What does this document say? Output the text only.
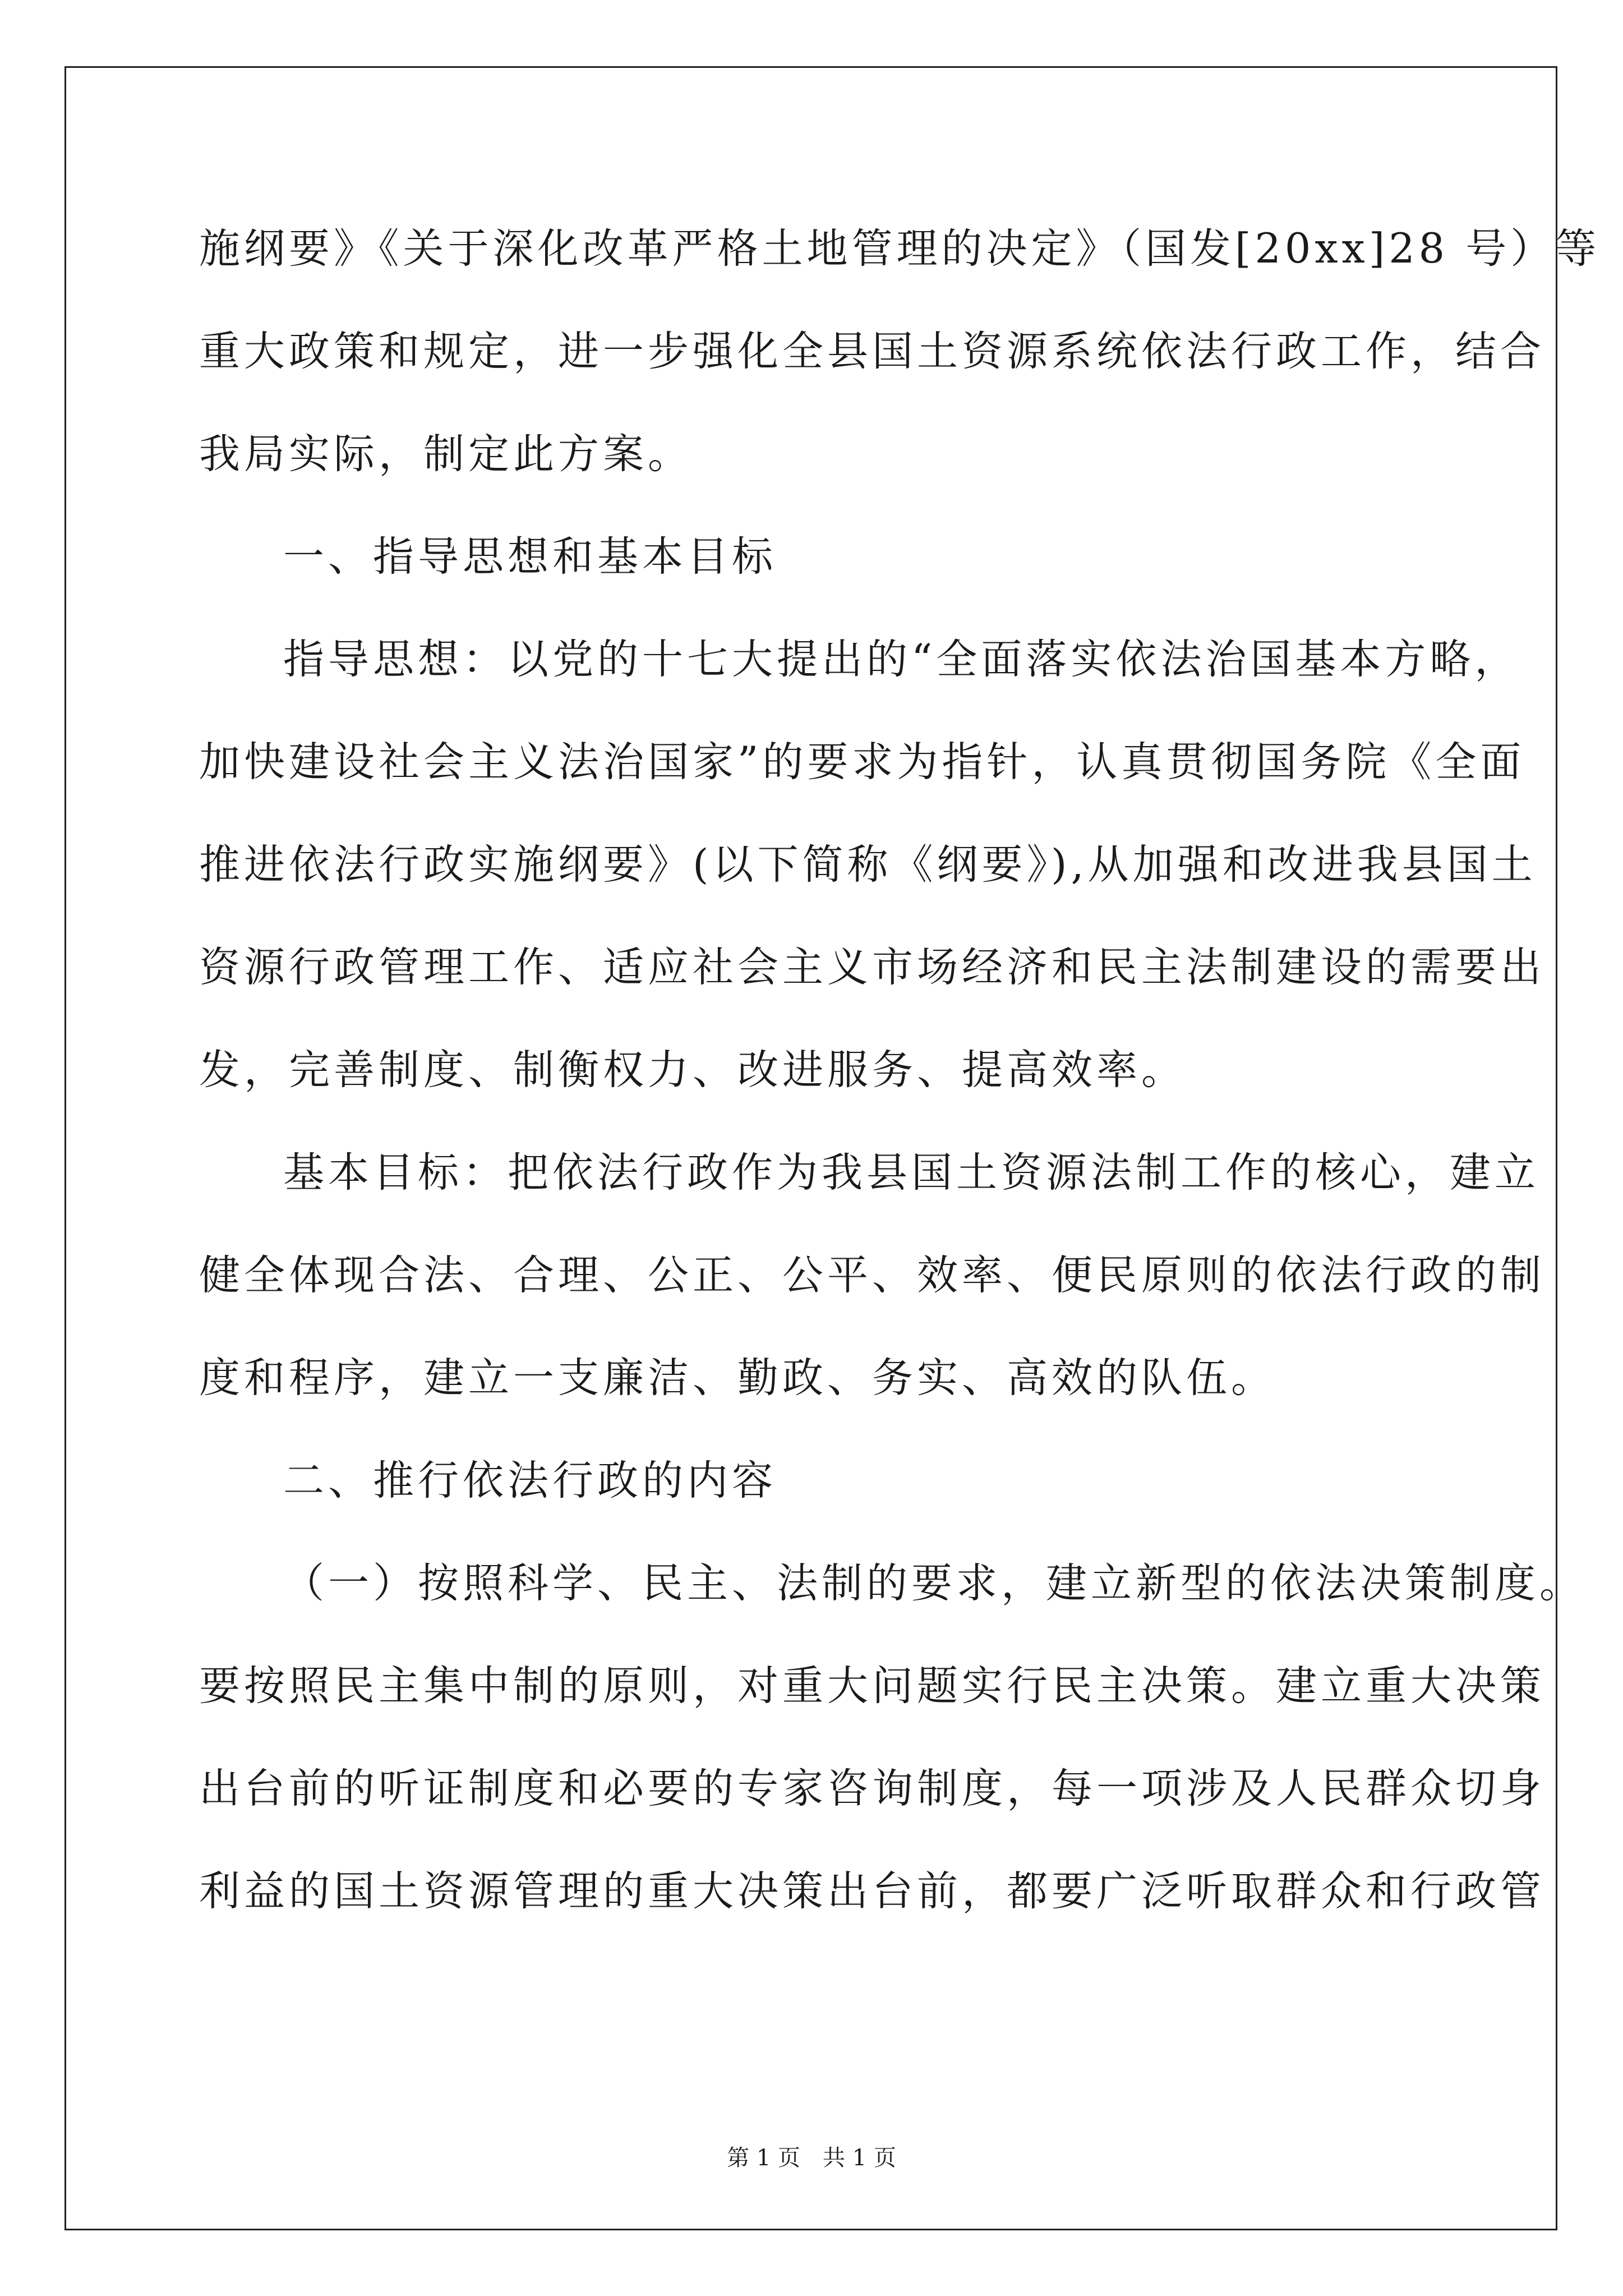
施纲要》《关于深化改革严格土地管理的决定》（国发[20xx]28 号）等
重大政策和规定，进一步强化全县国土资源系统依法行政工作，结合
我局实际，制定此方案。
一、指导思想和基本目标
指导思想：以党的十七大提出的“全面落实依法治国基本方略，
加快建设社会主义法治国家”的要求为指针，认真贯彻国务院《全面
推进依法行政实施纲要》(以下简称《纲要》),从加强和改进我县国土
资源行政管理工作、适应社会主义市场经济和民主法制建设的需要出
发，完善制度、制衡权力、改进服务、提高效率。
基本目标：把依法行政作为我县国土资源法制工作的核心，建立
健全体现合法、合理、公正、公平、效率、便民原则的依法行政的制
度和程序，建立一支廉洁、勤政、务实、高效的队伍。
二、推行依法行政的内容
（一）按照科学、民主、法制的要求，建立新型的依法决策制度。
要按照民主集中制的原则，对重大问题实行民主决策。建立重大决策
出台前的听证制度和必要的专家咨询制度，每一项涉及人民群众切身
利益的国土资源管理的重大决策出台前，都要广泛听取群众和行政管
第 1 页　共 1 页
